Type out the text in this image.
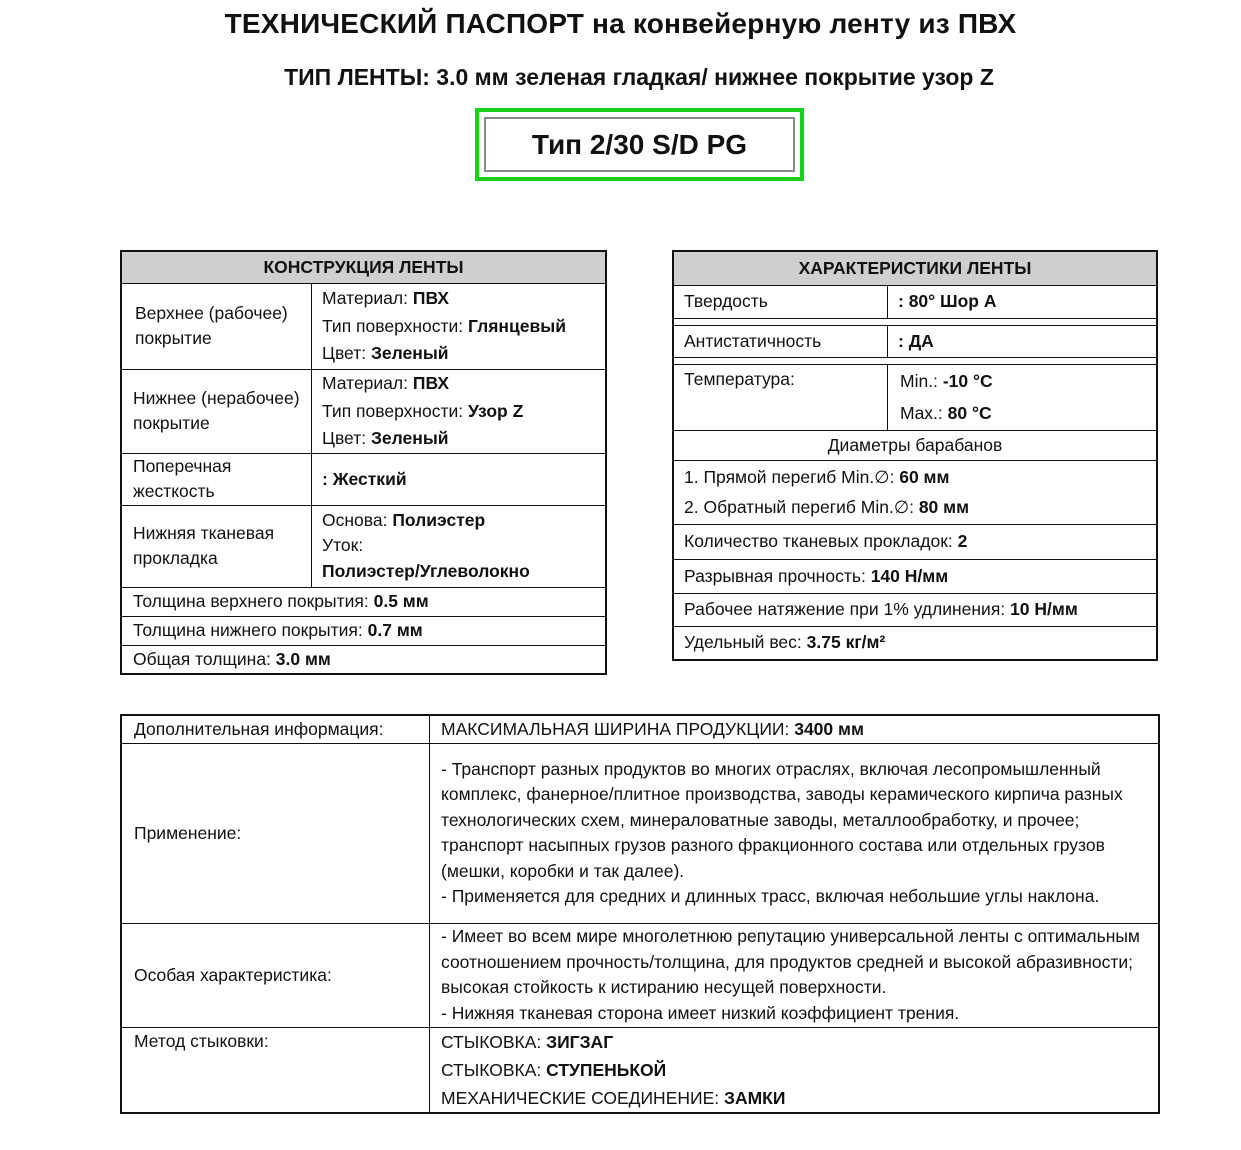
ТЕХНИЧЕСКИЙ ПАСПОРТ на конвейерную ленту из ПВХ
ТИП ЛЕНТЫ: 3.0 мм зеленая гладкая/ нижнее покрытие узор Z
Тип 2/30 S/D PG
КОНСТРУКЦИЯ ЛЕНТЫ	
Верхнее (рабочее) покрытие	Материал: ПВХ
Тип поверхности: Глянцевый
Цвет: Зеленый

Нижнее (нерабочее) покрытие	Материал: ПВХ
Тип поверхности: Узор Z
Цвет: Зеленый

Поперечная жесткость	: Жесткий
Нижняя тканевая прокладка	Основа: Полиэстер
Уток:
Полиэстер/Углеволокно

Толщина верхнего покрытия: 0.5 мм	
Толщина нижнего покрытия: 0.7 мм	
Общая толщина: 3.0 мм	
ХАРАКТЕРИСТИКИ ЛЕНТЫ	
Твердость	: 80° Шор А

Антистатичность	: ДА

Температура:	Min.: -10 °С
Max.: 80 °С

Диаметры барабанов	

1. Прямой перегиб Min.∅: 60 мм
2. Обратный перегиб Min.∅: 80 мм	

Количество тканевых прокладок: 2	
Разрывная прочность: 140 Н/мм	
Рабочее натяжение при 1% удлинения: 10 Н/мм	
Удельный вес: 3.75 кг/м²	
Дополнительная информация:	МАКСИМАЛЬНАЯ ШИРИНА ПРОДУКЦИИ: 3400 мм
Применение:	- Транспорт разных продуктов во многих отраслях, включая лесопромышленный комплекс, фанерное/плитное производства, заводы керамического кирпича разных технологических схем, минераловатные заводы, металлообработку, и прочее; транспорт насыпных грузов разного фракционного состава или отдельных грузов (мешки, коробки и так далее).
- Применяется для средних и длинных трасс, включая небольшие углы наклона.

Особая характеристика:	- Имеет во всем мире многолетнюю репутацию универсальной ленты с оптимальным соотношением прочность/толщина, для продуктов средней и высокой абразивности; высокая стойкость к истиранию несущей поверхности.
- Нижняя тканевая сторона имеет низкий коэффициент трения.

Метод стыковки:	СТЫКОВКА: ЗИГЗАГ
СТЫКОВКА: СТУПЕНЬКОЙ
МЕХАНИЧЕСКИЕ СОЕДИНЕНИЕ: ЗАМКИ
